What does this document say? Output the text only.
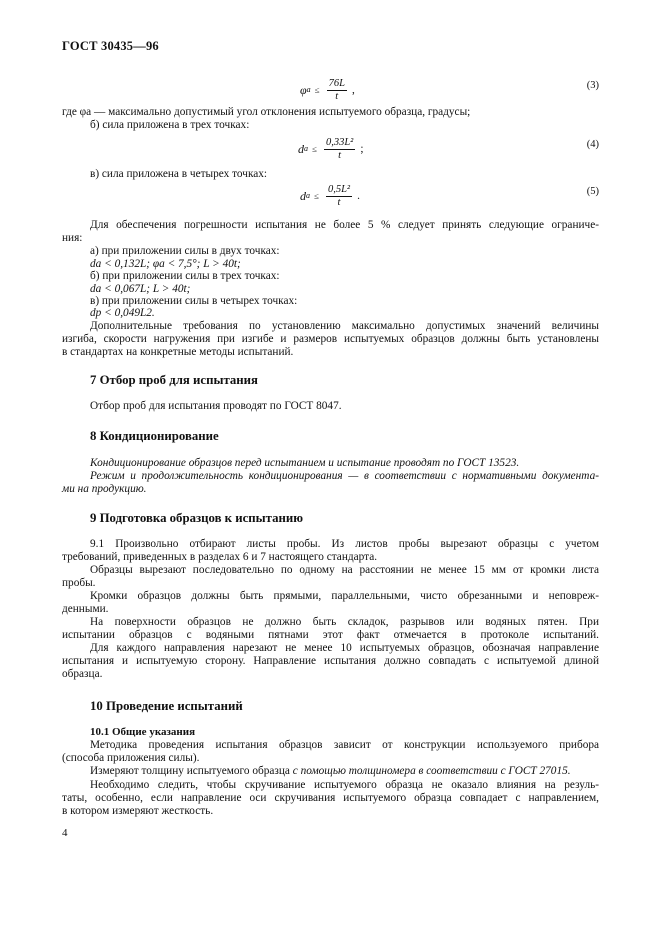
ГОСТ 30435—96
φ $a \le \frac{76L}{t}$ ,	(3)
где φa — максимально допустимый угол отклонения испытуемого образца, градусы;
б) сила приложена в трех точках:
d $a \le \frac{\text{0,33L²}}{t}$ ;	(4)
в) сила приложена в четырех точках:
d $a \le \frac{\text{0,5L²}}{t}$ .	(5)
Для обеспечения погрешности испытания не более 5 % следует принять следующие ограниче-
ния:
а) при приложении силы в двух точках:
da < 0,132L; φa < 7,5°; L > 40t;
б) при приложении силы в трех точках:
da < 0,067L; L > 40t;
в) при приложении силы в четырех точках:
dp < 0,049L2.
Дополнительные требования по установлению максимально допустимых значений величины
изгиба, скорости нагружения при изгибе и размеров испытуемых образцов должны быть установлены
в стандартах на конкретные методы испытаний.
7 Отбор проб для испытания
Отбор проб для испытания проводят по ГОСТ 8047.
8 Кондиционирование
Кондиционирование образцов перед испытанием и испытание проводят по ГОСТ 13523.
Режим и продолжительность кондиционирования — в соответствии с нормативными документа-
ми на продукцию.
9 Подготовка образцов к испытанию
9.1 Произвольно отбирают листы пробы. Из листов пробы вырезают образцы с учетом
требований, приведенных в разделах 6 и 7 настоящего стандарта.
Образцы вырезают последовательно по одному на расстоянии не менее 15 мм от кромки листа
пробы.
Кромки образцов должны быть прямыми, параллельными, чисто обрезанными и неповреж-
денными.
На поверхности образцов не должно быть складок, разрывов или водяных пятен. При
испытании образцов с водяными пятнами этот факт отмечается в протоколе испытаний.
Для каждого направления нарезают не менее 10 испытуемых образцов, обозначая направление
испытания и испытуемую сторону. Направление испытания должно совпадать с испытуемой длиной
образца.
10 Проведение испытаний
10.1 Общие указания
Методика проведения испытания образцов зависит от конструкции используемого прибора
(способа приложения силы).
Измеряют толщину испытуемого образца с помощью толщиномера в соответствии с ГОСТ 27015.
Необходимо следить, чтобы скручивание испытуемого образца не оказало влияния на резуль-
таты, особенно, если направление оси скручивания испытуемого образца совпадает с направлением,
в котором измеряют жесткость.
4
